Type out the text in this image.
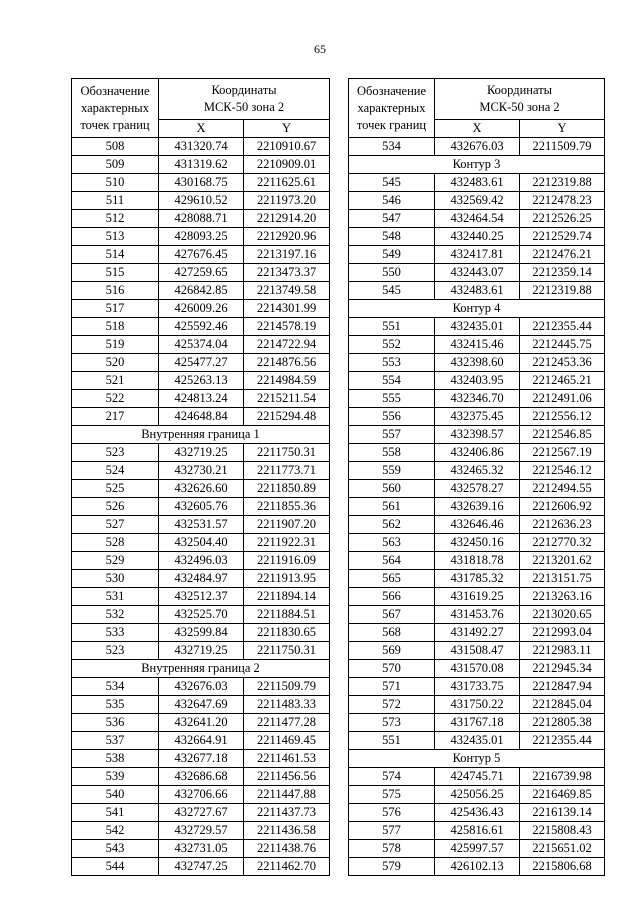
65
Обозначение
характерных
точек границ	Координаты
МСК-50 зона 2	
	X	Y
508	431320.74	2210910.67
509	431319.62	2210909.01
510	430168.75	2211625.61
511	429610.52	2211973.20
512	428088.71	2212914.20
513	428093.25	2212920.96
514	427676.45	2213197.16
515	427259.65	2213473.37
516	426842.85	2213749.58
517	426009.26	2214301.99
518	425592.46	2214578.19
519	425374.04	2214722.94
520	425477.27	2214876.56
521	425263.13	2214984.59
522	424813.24	2215211.54
217	424648.84	2215294.48
Внутренняя граница 1		
523	432719.25	2211750.31
524	432730.21	2211773.71
525	432626.60	2211850.89
526	432605.76	2211855.36
527	432531.57	2211907.20
528	432504.40	2211922.31
529	432496.03	2211916.09
530	432484.97	2211913.95
531	432512.37	2211894.14
532	432525.70	2211884.51
533	432599.84	2211830.65
523	432719.25	2211750.31
Внутренняя граница 2		
534	432676.03	2211509.79
535	432647.69	2211483.33
536	432641.20	2211477.28
537	432664.91	2211469.45
538	432677.18	2211461.53
539	432686.68	2211456.56
540	432706.66	2211447.88
541	432727.67	2211437.73
542	432729.57	2211436.58
543	432731.05	2211438.76
544	432747.25	2211462.70
Обозначение
характерных
точек границ	Координаты
МСК-50 зона 2	
	X	Y
534	432676.03	2211509.79
Контур 3		
545	432483.61	2212319.88
546	432569.42	2212478.23
547	432464.54	2212526.25
548	432440.25	2212529.74
549	432417.81	2212476.21
550	432443.07	2212359.14
545	432483.61	2212319.88
Контур 4		
551	432435.01	2212355.44
552	432415.46	2212445.75
553	432398.60	2212453.36
554	432403.95	2212465.21
555	432346.70	2212491.06
556	432375.45	2212556.12
557	432398.57	2212546.85
558	432406.86	2212567.19
559	432465.32	2212546.12
560	432578.27	2212494.55
561	432639.16	2212606.92
562	432646.46	2212636.23
563	432450.16	2212770.32
564	431818.78	2213201.62
565	431785.32	2213151.75
566	431619.25	2213263.16
567	431453.76	2213020.65
568	431492.27	2212993.04
569	431508.47	2212983.11
570	431570.08	2212945.34
571	431733.75	2212847.94
572	431750.22	2212845.04
573	431767.18	2212805.38
551	432435.01	2212355.44
Контур 5		
574	424745.71	2216739.98
575	425056.25	2216469.85
576	425436.43	2216139.14
577	425816.61	2215808.43
578	425997.57	2215651.02
579	426102.13	2215806.68
